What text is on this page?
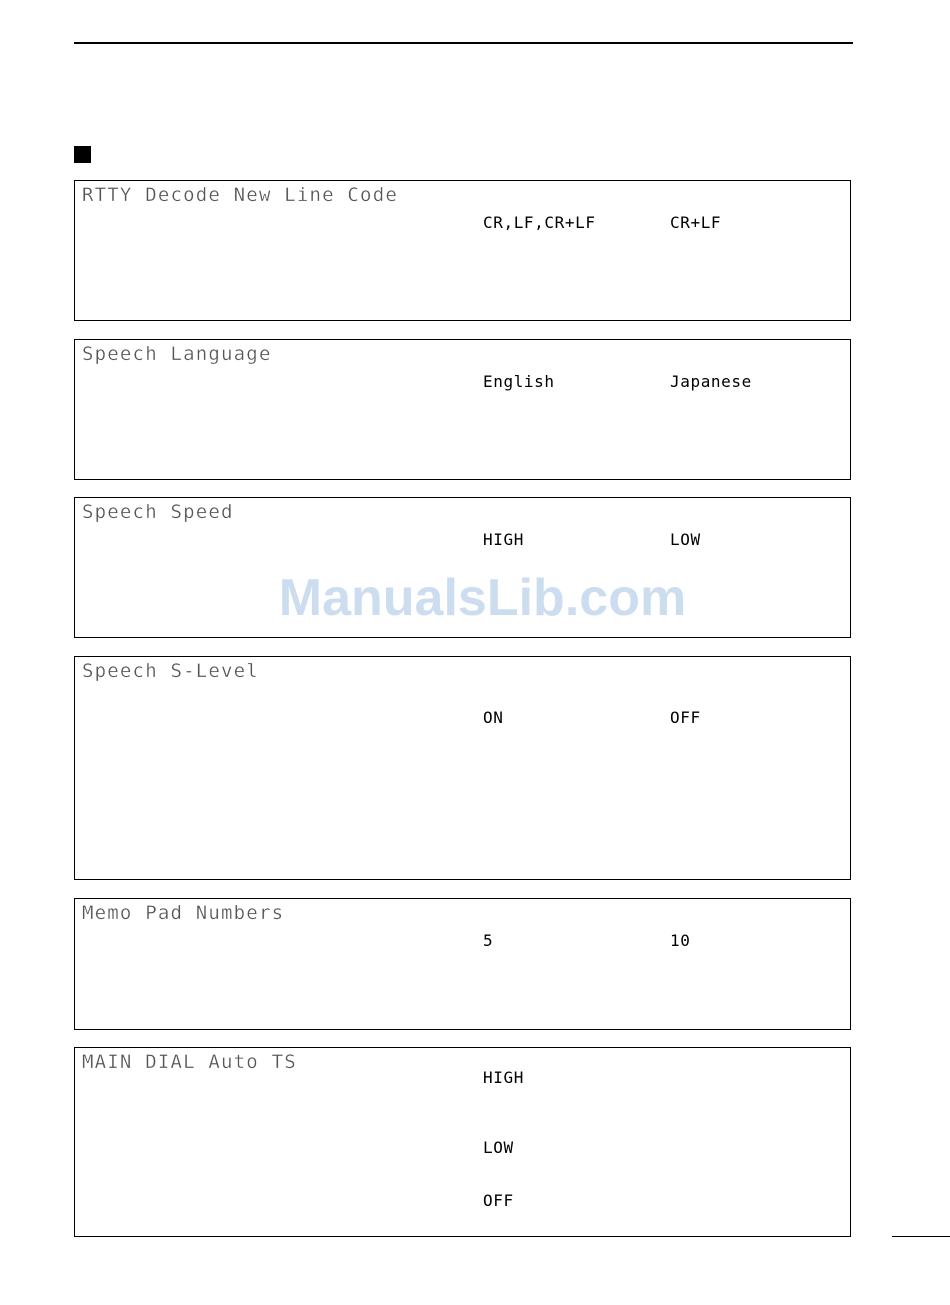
RTTY Decode New Line Code
CR,LF,CR+LF	CR+LF
Speech Language
English	Japanese
Speech Speed
HIGH	LOW
Speech S-Level
ON	OFF
Memo Pad Numbers
5	10
MAIN DIAL Auto TS
HIGH
LOW
OFF
ManualsLib.com
